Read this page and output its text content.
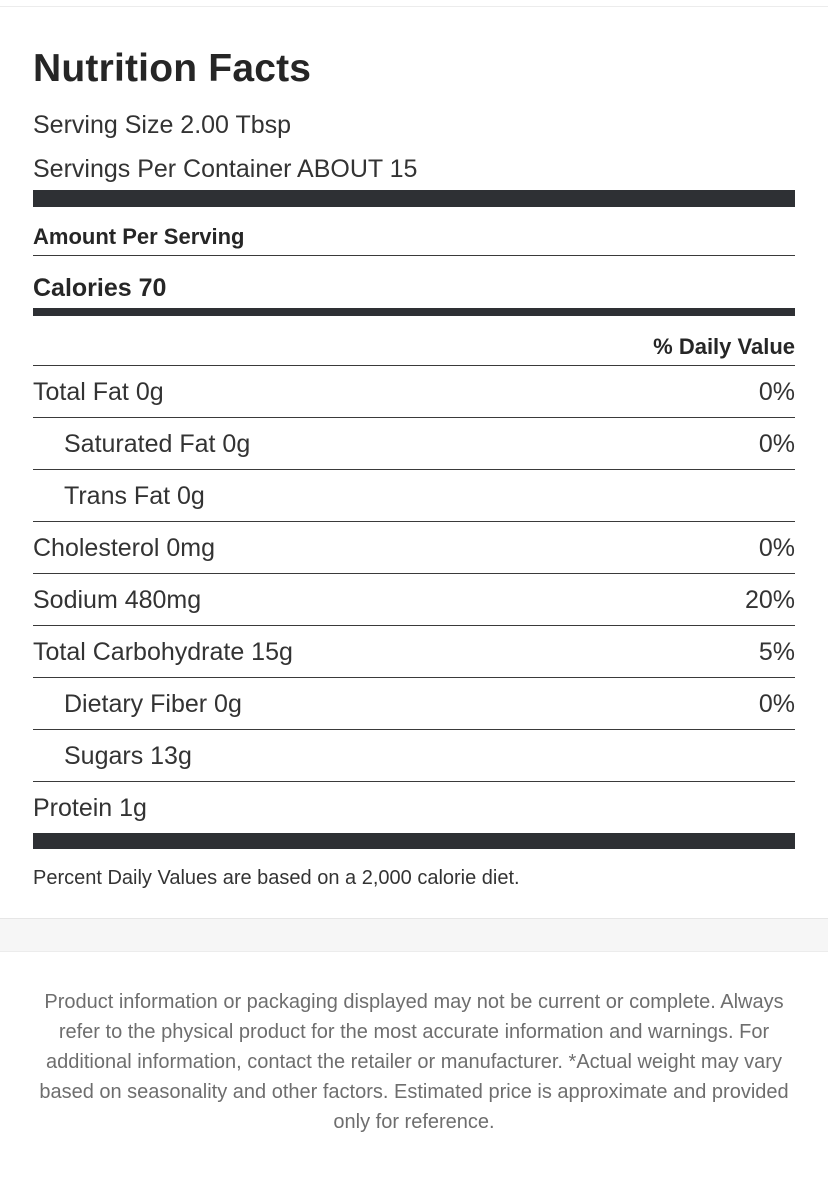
Nutrition Facts
Serving Size 2.00 Tbsp
Servings Per Container ABOUT 15
Amount Per Serving
Calories 70
% Daily Value
Total Fat 0g	0%
Saturated Fat 0g	0%
Trans Fat 0g
Cholesterol 0mg	0%
Sodium 480mg	20%
Total Carbohydrate 15g	5%
Dietary Fiber 0g	0%
Sugars 13g
Protein 1g
Percent Daily Values are based on a 2,000 calorie diet.
Product information or packaging displayed may not be current or complete. Always refer to the physical product for the most accurate information and warnings. For additional information, contact the retailer or manufacturer. *Actual weight may vary based on seasonality and other factors. Estimated price is approximate and provided only for reference.
